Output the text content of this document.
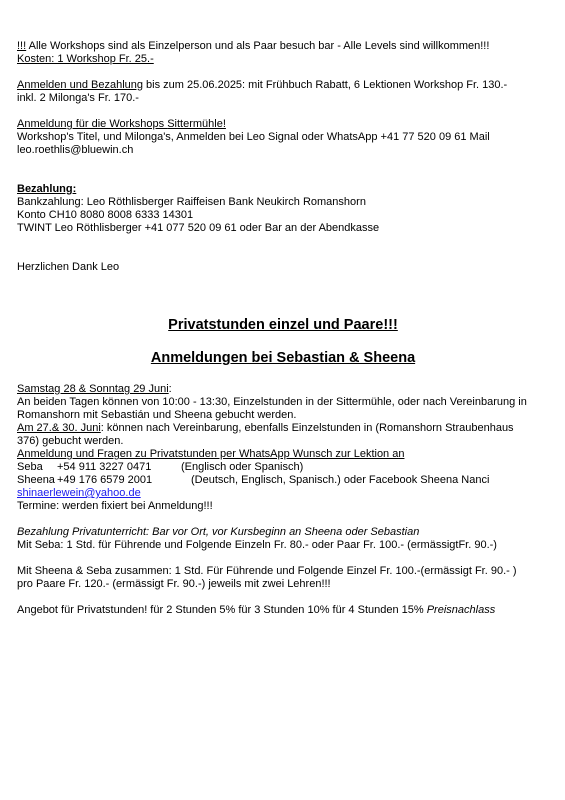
!!! Alle Workshops sind als Einzelperson und als Paar besuch bar - Alle Levels sind willkommen!!!

Kosten: 1 Workshop Fr. 25.-

Anmelden und Bezahlung bis zum 25.06.2025: mit Frühbuch Rabatt, 6 Lektionen Workshop Fr. 130.-

inkl. 2 Milonga's Fr. 170.-

Anmeldung für die Workshops Sittermühle!

Workshop's Titel, und Milonga's, Anmelden bei Leo Signal oder WhatsApp +41 77 520 09 61 Mail

leo.roethlis@bluewin.ch

Bezahlung:

Bankzahlung: Leo Röthlisberger Raiffeisen Bank Neukirch Romanshorn

Konto CH10 8080 8008 6333 14301

TWINT Leo Röthlisberger +41 077 520 09 61 oder Bar an der Abendkasse

Herzlichen Dank Leo

Privatstunden einzel und Paare!!!

Anmeldungen bei Sebastian & Sheena

Samstag 28 & Sonntag 29 Juni:

An beiden Tagen können von 10:00 - 13:30, Einzelstunden in der Sittermühle, oder nach Vereinbarung in

Romanshorn mit Sebastián und Sheena gebucht werden.

Am 27.& 30. Juni: können nach Vereinbarung, ebenfalls Einzelstunden in (Romanshorn Straubenhaus

376) gebucht werden.

Anmeldung und Fragen zu Privatstunden per WhatsApp Wunsch zur Lektion an

Seba +54 911 3227 0471	(Englisch oder Spanisch)

Sheena +49 176 6579 2001	(Deutsch, Englisch, Spanisch.) oder Facebook Sheena Nanci

shinaerlewein@yahoo.de

Termine: werden fixiert bei Anmeldung!!!

Bezahlung Privatunterricht: Bar vor Ort, vor Kursbeginn an Sheena oder Sebastian

Mit Seba: 1 Std. für Führende und Folgende Einzeln Fr. 80.- oder Paar Fr. 100.- (ermässigtFr. 90.-)

Mit Sheena & Seba zusammen: 1 Std. Für Führende und Folgende Einzel Fr. 100.-(ermässigt Fr. 90.- )

pro Paare Fr. 120.- (ermässigt Fr. 90.-) jeweils mit zwei Lehren!!!

Angebot für Privatstunden! für 2 Stunden 5% für 3 Stunden 10% für 4 Stunden 15% Preisnachlass
